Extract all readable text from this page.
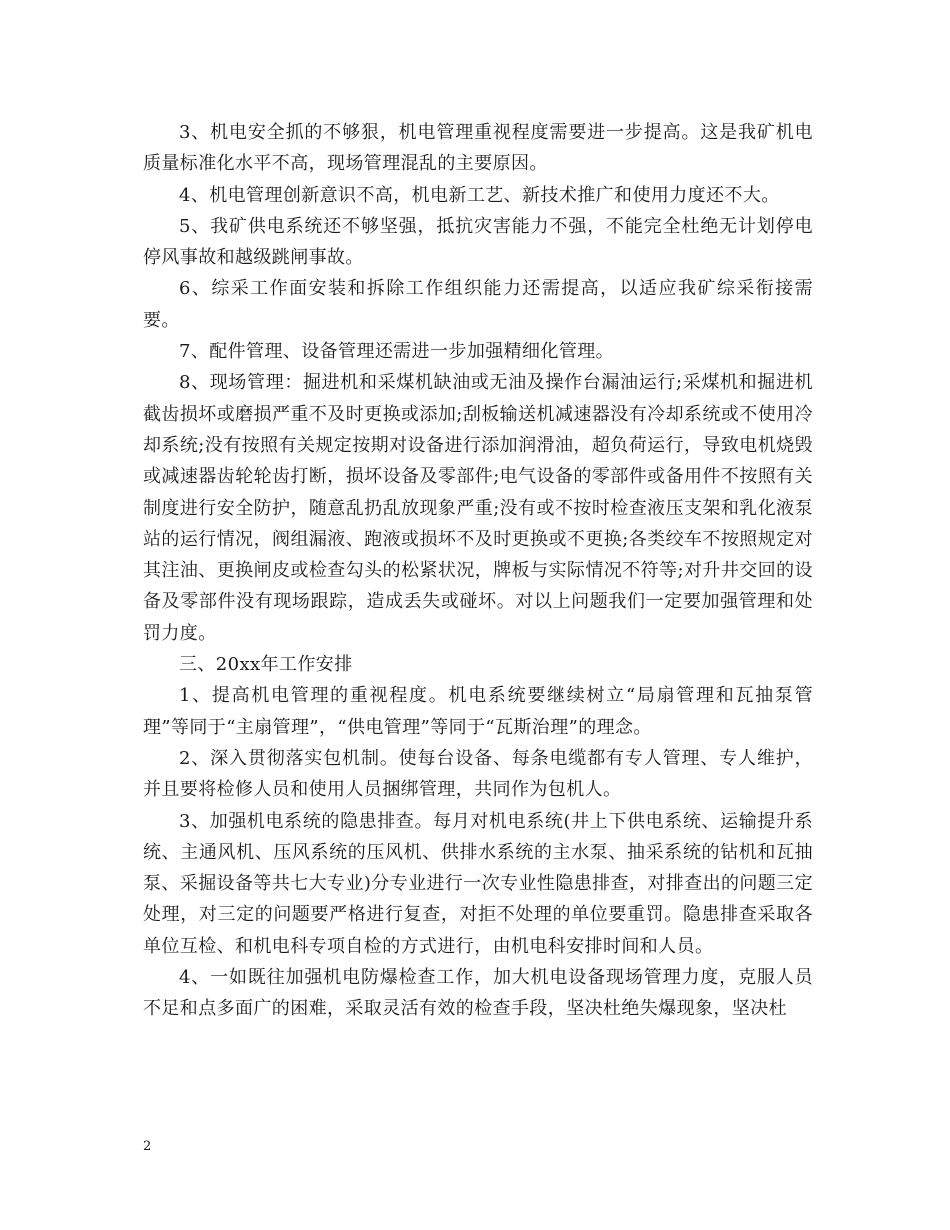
3、机电安全抓的不够狠，机电管理重视程度需要进一步提高。这是我矿机电质量标准化水平不高，现场管理混乱的主要原因。

4、机电管理创新意识不高，机电新工艺、新技术推广和使用力度还不大。

5、我矿供电系统还不够坚强，抵抗灾害能力不强，不能完全杜绝无计划停电停风事故和越级跳闸事故。

6、综采工作面安装和拆除工作组织能力还需提高，以适应我矿综采衔接需要。

7、配件管理、设备管理还需进一步加强精细化管理。

8、现场管理：掘进机和采煤机缺油或无油及操作台漏油运行;采煤机和掘进机截齿损坏或磨损严重不及时更换或添加;刮板输送机减速器没有冷却系统或不使用冷却系统;没有按照有关规定按期对设备进行添加润滑油，超负荷运行，导致电机烧毁或减速器齿轮轮齿打断，损坏设备及零部件;电气设备的零部件或备用件不按照有关制度进行安全防护，随意乱扔乱放现象严重;没有或不按时检查液压支架和乳化液泵站的运行情况，阀组漏液、跑液或损坏不及时更换或不更换;各类绞车不按照规定对其注油、更换闸皮或检查勾头的松紧状况，牌板与实际情况不符等;对升井交回的设备及零部件没有现场跟踪，造成丢失或碰坏。对以上问题我们一定要加强管理和处罚力度。

三、20xx年工作安排

1、提高机电管理的重视程度。机电系统要继续树立“局扇管理和瓦抽泵管理”等同于“主扇管理”，“供电管理”等同于“瓦斯治理”的理念。

2、深入贯彻落实包机制。使每台设备、每条电缆都有专人管理、专人维护，并且要将检修人员和使用人员捆绑管理，共同作为包机人。

3、加强机电系统的隐患排查。每月对机电系统(井上下供电系统、运输提升系统、主通风机、压风系统的压风机、供排水系统的主水泵、抽采系统的钻机和瓦抽泵、采掘设备等共七大专业)分专业进行一次专业性隐患排查，对排查出的问题三定处理，对三定的问题要严格进行复查，对拒不处理的单位要重罚。隐患排查采取各单位互检、和机电科专项自检的方式进行，由机电科安排时间和人员。

4、一如既往加强机电防爆检查工作，加大机电设备现场管理力度，克服人员不足和点多面广的困难，采取灵活有效的检查手段，坚决杜绝失爆现象，坚决杜

2
